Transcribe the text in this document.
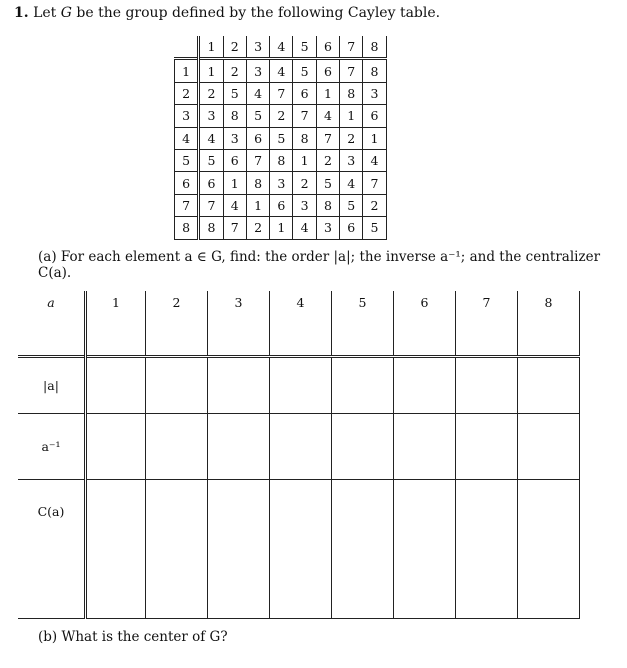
1. Let G be the group defined by the following Cayley table.
	1	2	3	4	5	6	7	8
1	1	2	3	4	5	6	7	8
2	2	5	4	7	6	1	8	3
3	3	8	5	2	7	4	1	6
4	4	3	6	5	8	7	2	1
5	5	6	7	8	1	2	3	4
6	6	1	8	3	2	5	4	7
7	7	4	1	6	3	8	5	2
8	8	7	2	1	4	3	6	5
(a) For each element a ∈ G, find: the order |a|; the inverse a⁻¹; and the centralizer C(a).
a	1	2	3	4	5	6	7	8
|a|								
a⁻¹								
C(a)								
(b) What is the center of G?
